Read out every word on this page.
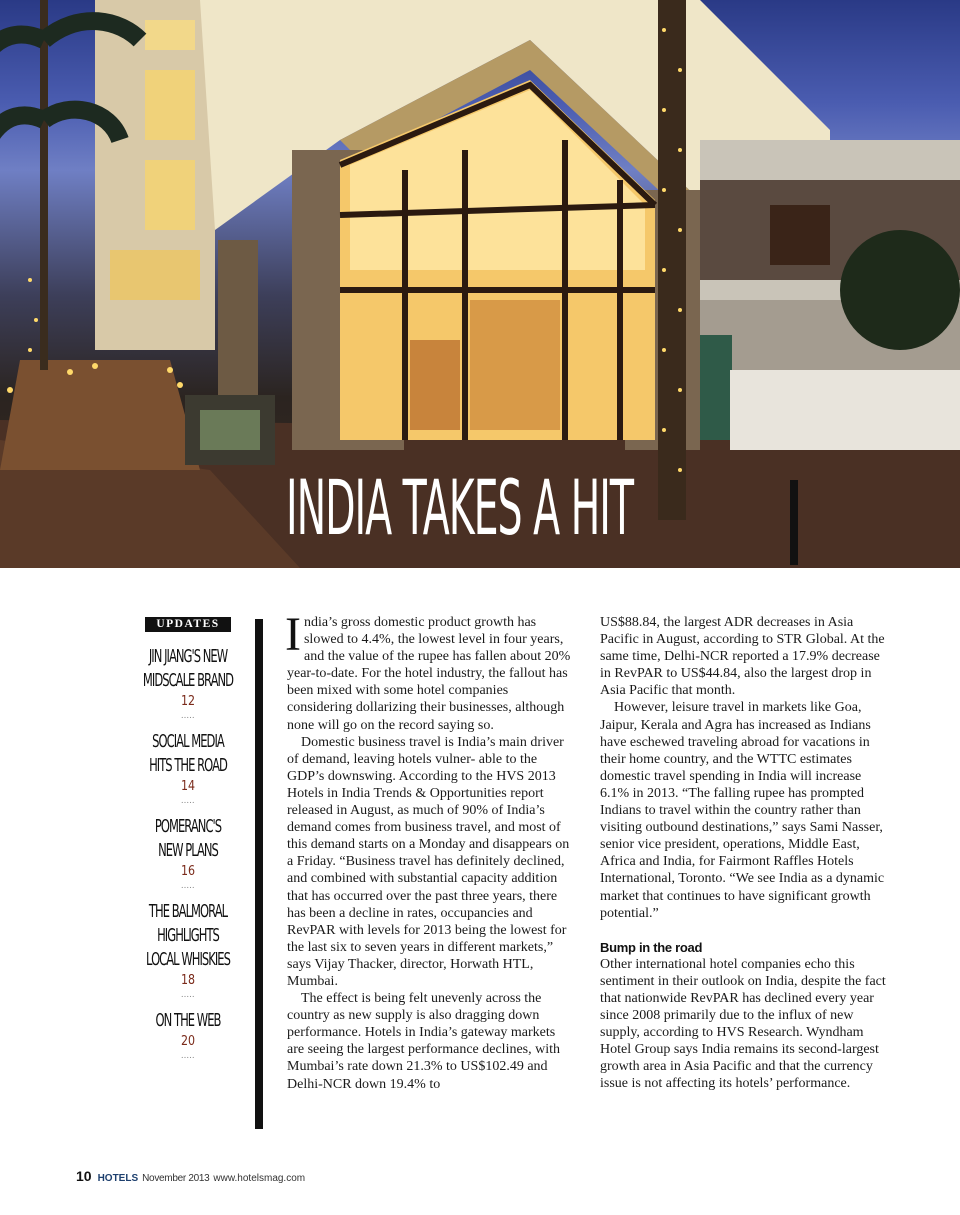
INDIA TAKES A HIT
UPDATES
JIN JIANG'S NEW
MIDSCALE BRAND
12
.....
SOCIAL MEDIA
HITS THE ROAD
14
.....
POMERANC'S
NEW PLANS
16
.....
THE BALMORAL
HIGHLIGHTS
LOCAL WHISKIES
18
.....
ON THE WEB
20
.....

India’s gross domestic product growth has slowed to 4.4%, the lowest level in four years, and the value of the rupee has fallen about 20% year-to-date. For the hotel industry, the fallout has been mixed with some hotel companies considering dollarizing their businesses, although none will go on the record saying so.

Domestic business travel is India’s main driver of demand, leaving hotels vulner- able to the GDP’s downswing. According to the HVS 2013 Hotels in India Trends & Opportunities report released in August, as much of 90% of India’s demand comes from business travel, and most of this demand starts on a Monday and disappears on a Friday. “Business travel has definitely declined, and combined with substantial capacity addition that has occurred over the past three years, there has been a decline in rates, occupancies and RevPAR with levels for 2013 being the lowest for the last six to seven years in different markets,” says Vijay Thacker, director, Horwath HTL, Mumbai.

The effect is being felt unevenly across the country as new supply is also dragging down performance. Hotels in India’s gateway markets are seeing the largest performance declines, with Mumbai’s rate down 21.3% to US$102.49 and Delhi-NCR down 19.4% to

US$88.84, the largest ADR decreases in Asia Pacific in August, according to STR Global. At the same time, Delhi-NCR reported a 17.9% decrease in RevPAR to US$44.84, also the largest drop in Asia Pacific that month.

However, leisure travel in markets like Goa, Jaipur, Kerala and Agra has increased as Indians have eschewed traveling abroad for vacations in their home country, and the WTTC estimates domestic travel spending in India will increase 6.1% in 2013. “The falling rupee has prompted Indians to travel within the country rather than visiting outbound destinations,” says Sami Nasser, senior vice president, operations, Middle East, Africa and India, for Fairmont Raffles Hotels International, Toronto. “We see India as a dynamic market that continues to have significant growth potential.”

Bump in the road

Other international hotel companies echo this sentiment in their outlook on India, despite the fact that nationwide RevPAR has declined every year since 2008 primarily due to the influx of new supply, according to HVS Research. Wyndham Hotel Group says India remains its second-largest growth area in Asia Pacific and that the currency issue is not affecting its hotels’ performance.

10 HOTELS November 2013 www.hotelsmag.com
